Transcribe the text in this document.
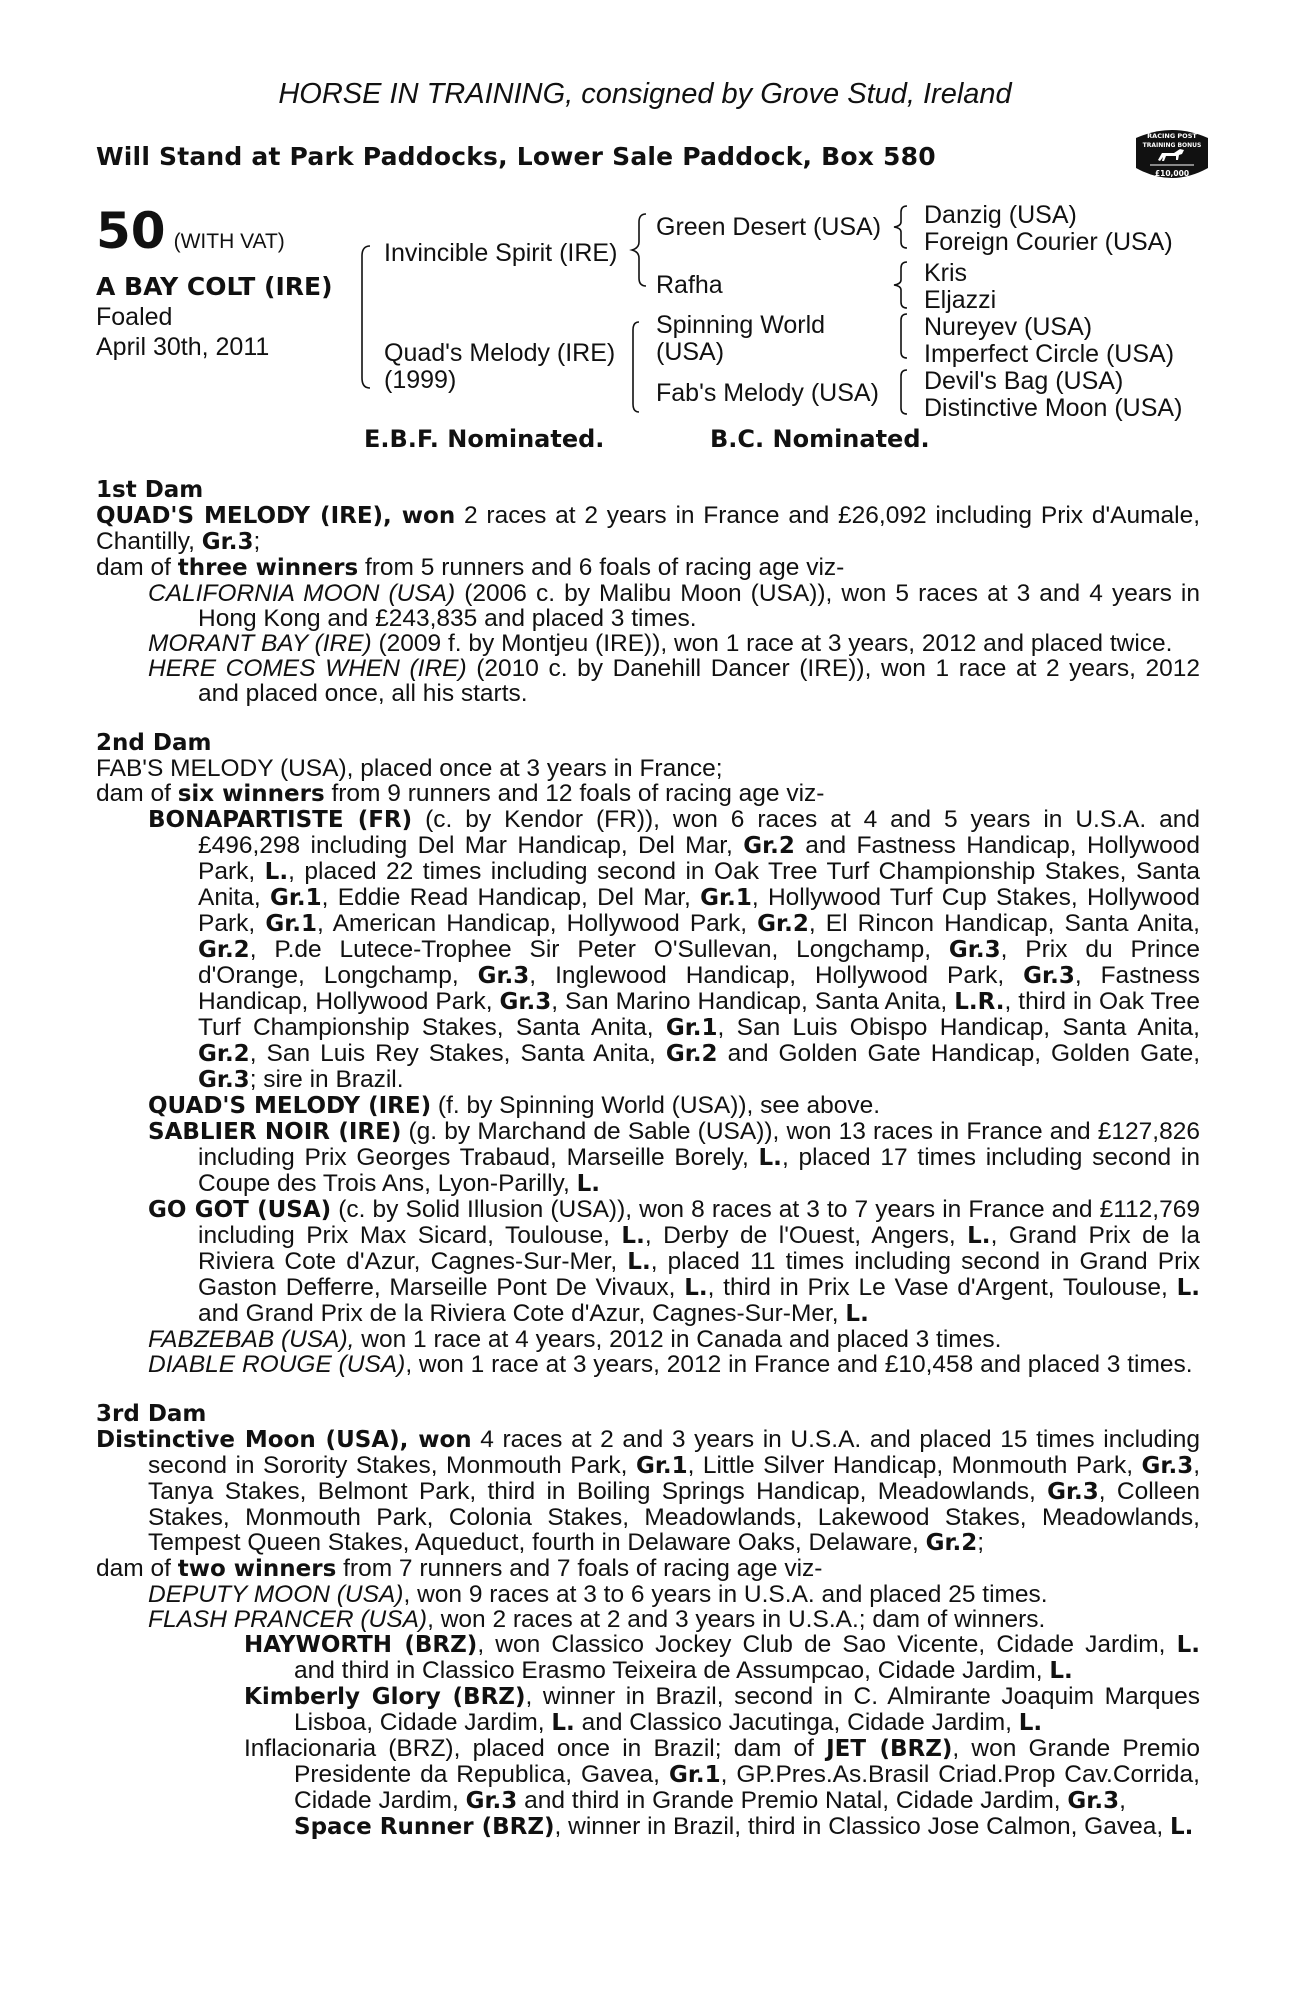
HORSE IN TRAINING, consigned by Grove Stud, Ireland
Will Stand at Park Paddocks, Lower Sale Paddock, Box 580
RACING POST
TRAINING BONUS
£10,000
50 (WITH VAT)
A BAY COLT (IRE)
Foaled
April 30th, 2011
Invincible Spirit (IRE)
Quad's Melody (IRE)
(1999)
Green Desert (USA)
Rafha
Spinning World
(USA)
Fab's Melody (USA)
Danzig (USA)
Foreign Courier (USA)
Kris
Eljazzi
Nureyev (USA)
Imperfect Circle (USA)
Devil's Bag (USA)
Distinctive Moon (USA)
E.B.F. Nominated.	B.C. Nominated.
1st Dam
QUAD'S MELODY (IRE), won 2 races at 2 years in France and £26,092 including Prix d'Aumale, Chantilly, Gr.3;
dam of three winners from 5 runners and 6 foals of racing age viz-
CALIFORNIA MOON (USA) (2006 c. by Malibu Moon (USA)), won 5 races at 3 and 4 years in Hong Kong and £243,835 and placed 3 times.
MORANT BAY (IRE) (2009 f. by Montjeu (IRE)), won 1 race at 3 years, 2012 and placed twice.
HERE COMES WHEN (IRE) (2010 c. by Danehill Dancer (IRE)), won 1 race at 2 years, 2012 and placed once, all his starts.
2nd Dam
FAB'S MELODY (USA), placed once at 3 years in France;
dam of six winners from 9 runners and 12 foals of racing age viz-
BONAPARTISTE (FR) (c. by Kendor (FR)), won 6 races at 4 and 5 years in U.S.A. and £496,298 including Del Mar Handicap, Del Mar, Gr.2 and Fastness Handicap, Hollywood Park, L., placed 22 times including second in Oak Tree Turf Championship Stakes, Santa Anita, Gr.1, Eddie Read Handicap, Del Mar, Gr.1, Hollywood Turf Cup Stakes, Hollywood Park, Gr.1, American Handicap, Hollywood Park, Gr.2, El Rincon Handicap, Santa Anita, Gr.2, P.de Lutece-Trophee Sir Peter O'Sullevan, Longchamp, Gr.3, Prix du Prince d'Orange, Longchamp, Gr.3, Inglewood Handicap, Hollywood Park, Gr.3, Fastness Handicap, Hollywood Park, Gr.3, San Marino Handicap, Santa Anita, L.R., third in Oak Tree Turf Championship Stakes, Santa Anita, Gr.1, San Luis Obispo Handicap, Santa Anita, Gr.2, San Luis Rey Stakes, Santa Anita, Gr.2 and Golden Gate Handicap, Golden Gate, Gr.3; sire in Brazil.
QUAD'S MELODY (IRE) (f. by Spinning World (USA)), see above.
SABLIER NOIR (IRE) (g. by Marchand de Sable (USA)), won 13 races in France and £127,826 including Prix Georges Trabaud, Marseille Borely, L., placed 17 times including second in Coupe des Trois Ans, Lyon-Parilly, L.
GO GOT (USA) (c. by Solid Illusion (USA)), won 8 races at 3 to 7 years in France and £112,769 including Prix Max Sicard, Toulouse, L., Derby de l'Ouest, Angers, L., Grand Prix de la Riviera Cote d'Azur, Cagnes-Sur-Mer, L., placed 11 times including second in Grand Prix Gaston Defferre, Marseille Pont De Vivaux, L., third in Prix Le Vase d'Argent, Toulouse, L. and Grand Prix de la Riviera Cote d'Azur, Cagnes-Sur-Mer, L.
FABZEBAB (USA), won 1 race at 4 years, 2012 in Canada and placed 3 times.
DIABLE ROUGE (USA), won 1 race at 3 years, 2012 in France and £10,458 and placed 3 times.
3rd Dam
Distinctive Moon (USA), won 4 races at 2 and 3 years in U.S.A. and placed 15 times including second in Sorority Stakes, Monmouth Park, Gr.1, Little Silver Handicap, Monmouth Park, Gr.3, Tanya Stakes, Belmont Park, third in Boiling Springs Handicap, Meadowlands, Gr.3, Colleen Stakes, Monmouth Park, Colonia Stakes, Meadowlands, Lakewood Stakes, Meadowlands, Tempest Queen Stakes, Aqueduct, fourth in Delaware Oaks, Delaware, Gr.2;
dam of two winners from 7 runners and 7 foals of racing age viz-
DEPUTY MOON (USA), won 9 races at 3 to 6 years in U.S.A. and placed 25 times.
FLASH PRANCER (USA), won 2 races at 2 and 3 years in U.S.A.; dam of winners.
HAYWORTH (BRZ), won Classico Jockey Club de Sao Vicente, Cidade Jardim, L. and third in Classico Erasmo Teixeira de Assumpcao, Cidade Jardim, L.
Kimberly Glory (BRZ), winner in Brazil, second in C. Almirante Joaquim Marques Lisboa, Cidade Jardim, L. and Classico Jacutinga, Cidade Jardim, L.
Inflacionaria (BRZ), placed once in Brazil; dam of JET (BRZ), won Grande Premio Presidente da Republica, Gavea, Gr.1, GP.Pres.As.Brasil Criad.Prop Cav.Corrida, Cidade Jardim, Gr.3 and third in Grande Premio Natal, Cidade Jardim, Gr.3,
Space Runner (BRZ), winner in Brazil, third in Classico Jose Calmon, Gavea, L.
